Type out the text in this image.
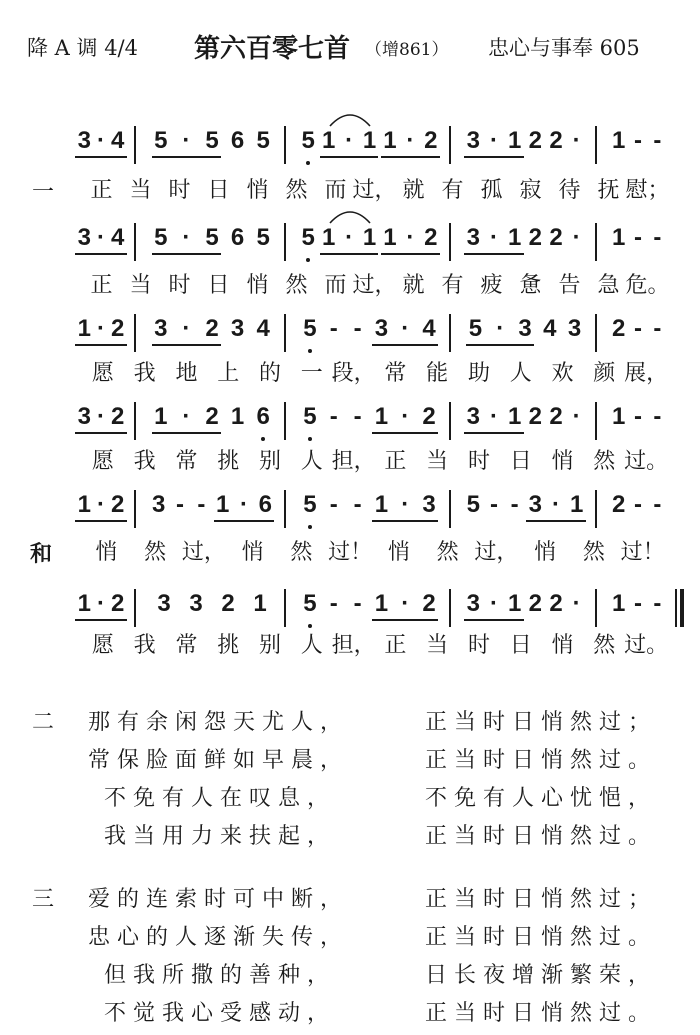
降 A 调 4/4 第六百零七首 （增861） 忠心与事奉 605
一
和
3 · 4 5 · 5 6 5 5 1 · 1 1 · 2 3 · 1 2 2 · 1 - -
3 · 4 5 · 5 6 5 5 1 · 1 1 · 2 3 · 1 2 2 · 1 - -
1 · 2 3 · 2 3 4 5 - - 3 · 4 5 · 3 4 3 2 - -
3 · 2 1 · 2 1 6 5 - - 1 · 2 3 · 1 2 2 · 1 - -
1 · 2 3 - - 1 · 6 5 - - 1 · 3 5 - - 3 · 1 2 - -
1 · 2 3 3 2 1 5 - - 1 · 2 3 · 1 2 2 · 1 - -
正 当 时 日 悄 然 而 过， 就 有 孤 寂 待 抚 慰；
正 当 时 日 悄 然 而 过， 就 有 疲 惫 告 急 危。
愿 我 地 上 的 一 段， 常 能 助 人 欢 颜 展，
愿 我 常 挑 别 人 担， 正 当 时 日 悄 然 过。
悄 然 过， 悄 然 过！ 悄 然 过， 悄 然 过！
愿 我 常 挑 别 人 担， 正 当 时 日 悄 然 过。
二 那有余闲怨天尤人，
常保脸面鲜如早晨，
不免有人在叹息，
我当用力来扶起，
正当时日悄然过；
正当时日悄然过。
不免有人心忧悒，
正当时日悄然过。
三 爱的连索时可中断，
忠心的人逐渐失传，
但我所撒的善种，
不觉我心受感动，
正当时日悄然过；
正当时日悄然过。
日长夜增渐繁荣，
正当时日悄然过。
